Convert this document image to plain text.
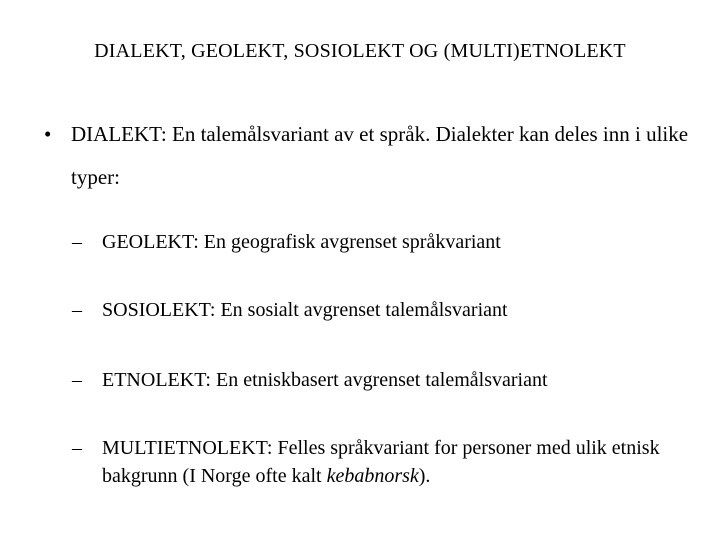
DIALEKT, GEOLEKT, SOSIOLEKT OG (MULTI)ETNOLEKT
• DIALEKT: En talemålsvariant av et språk. Dialekter kan deles inn i ulike typer:
– GEOLEKT: En geografisk avgrenset språkvariant
– SOSIOLEKT: En sosialt avgrenset talemålsvariant
– ETNOLEKT: En etniskbasert avgrenset talemålsvariant
– MULTIETNOLEKT: Felles språkvariant for personer med ulik etnisk bakgrunn (I Norge ofte kalt kebabnorsk).
